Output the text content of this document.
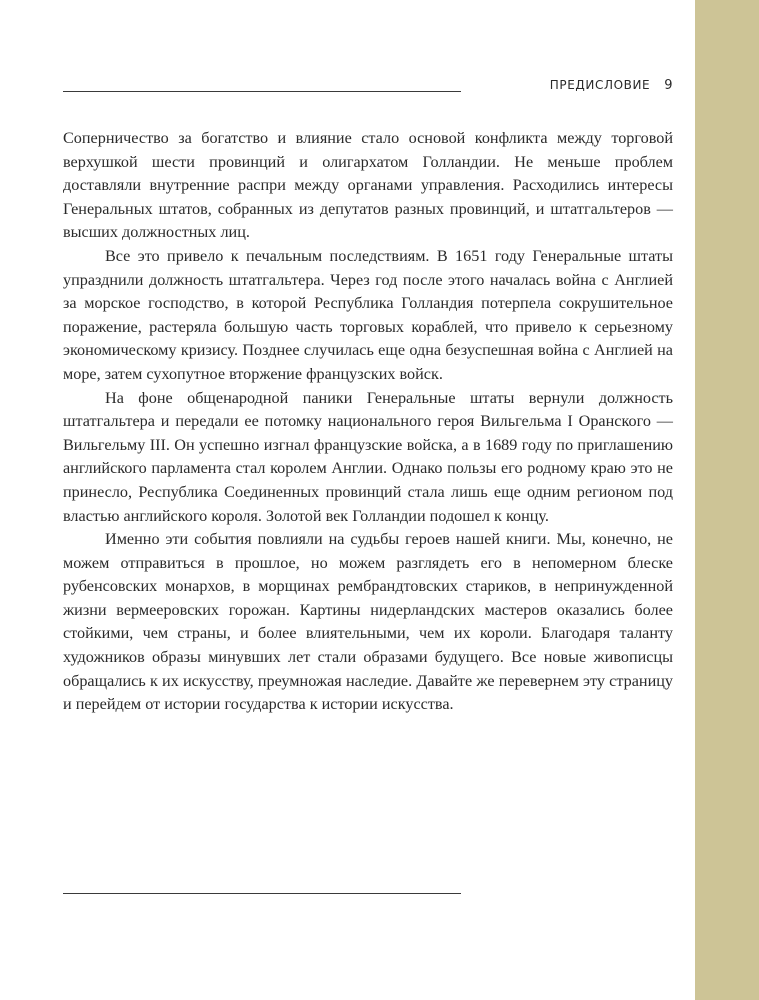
ПРЕДИСЛОВИЕ 9

Соперничество за богатство и влияние стало основой конфликта между торговой верхушкой шести провинций и олигархатом Голландии. Не меньше проблем доставляли внутренние распри между органами управления. Расходились интересы Генеральных штатов, собранных из депутатов разных провинций, и штатгальтеров — высших должностных лиц.

Все это привело к печальным последствиям. В 1651 году Генеральные штаты упразднили должность штатгальтера. Через год после этого началась война с Англией за морское господство, в которой Республика Голландия потерпела сокрушительное поражение, растеряла большую часть торговых кораблей, что привело к серьезному экономическому кризису. Позднее случилась еще одна безуспешная война с Англией на море, затем сухопутное вторжение французских войск.

На фоне общенародной паники Генеральные штаты вернули должность штатгальтера и передали ее потомку национального героя Вильгельма I Оранского — Вильгельму III. Он успешно изгнал французские войска, а в 1689 году по приглашению английского парламента стал королем Англии. Однако пользы его родному краю это не принесло, Республика Соединенных провинций стала лишь еще одним регионом под властью английского короля. Золотой век Голландии подошел к концу.

Именно эти события повлияли на судьбы героев нашей книги. Мы, конечно, не можем отправиться в прошлое, но можем разглядеть его в непомерном блеске рубенсовских монархов, в морщинах рембрандтовских стариков, в непринужденной жизни вермееровских горожан. Картины нидерландских мастеров оказались более стойкими, чем страны, и более влиятельными, чем их короли. Благодаря таланту художников образы минувших лет стали образами будущего. Все новые живописцы обращались к их искусству, преумножая наследие. Давайте же перевернем эту страницу и перейдем от истории государства к истории искусства.
